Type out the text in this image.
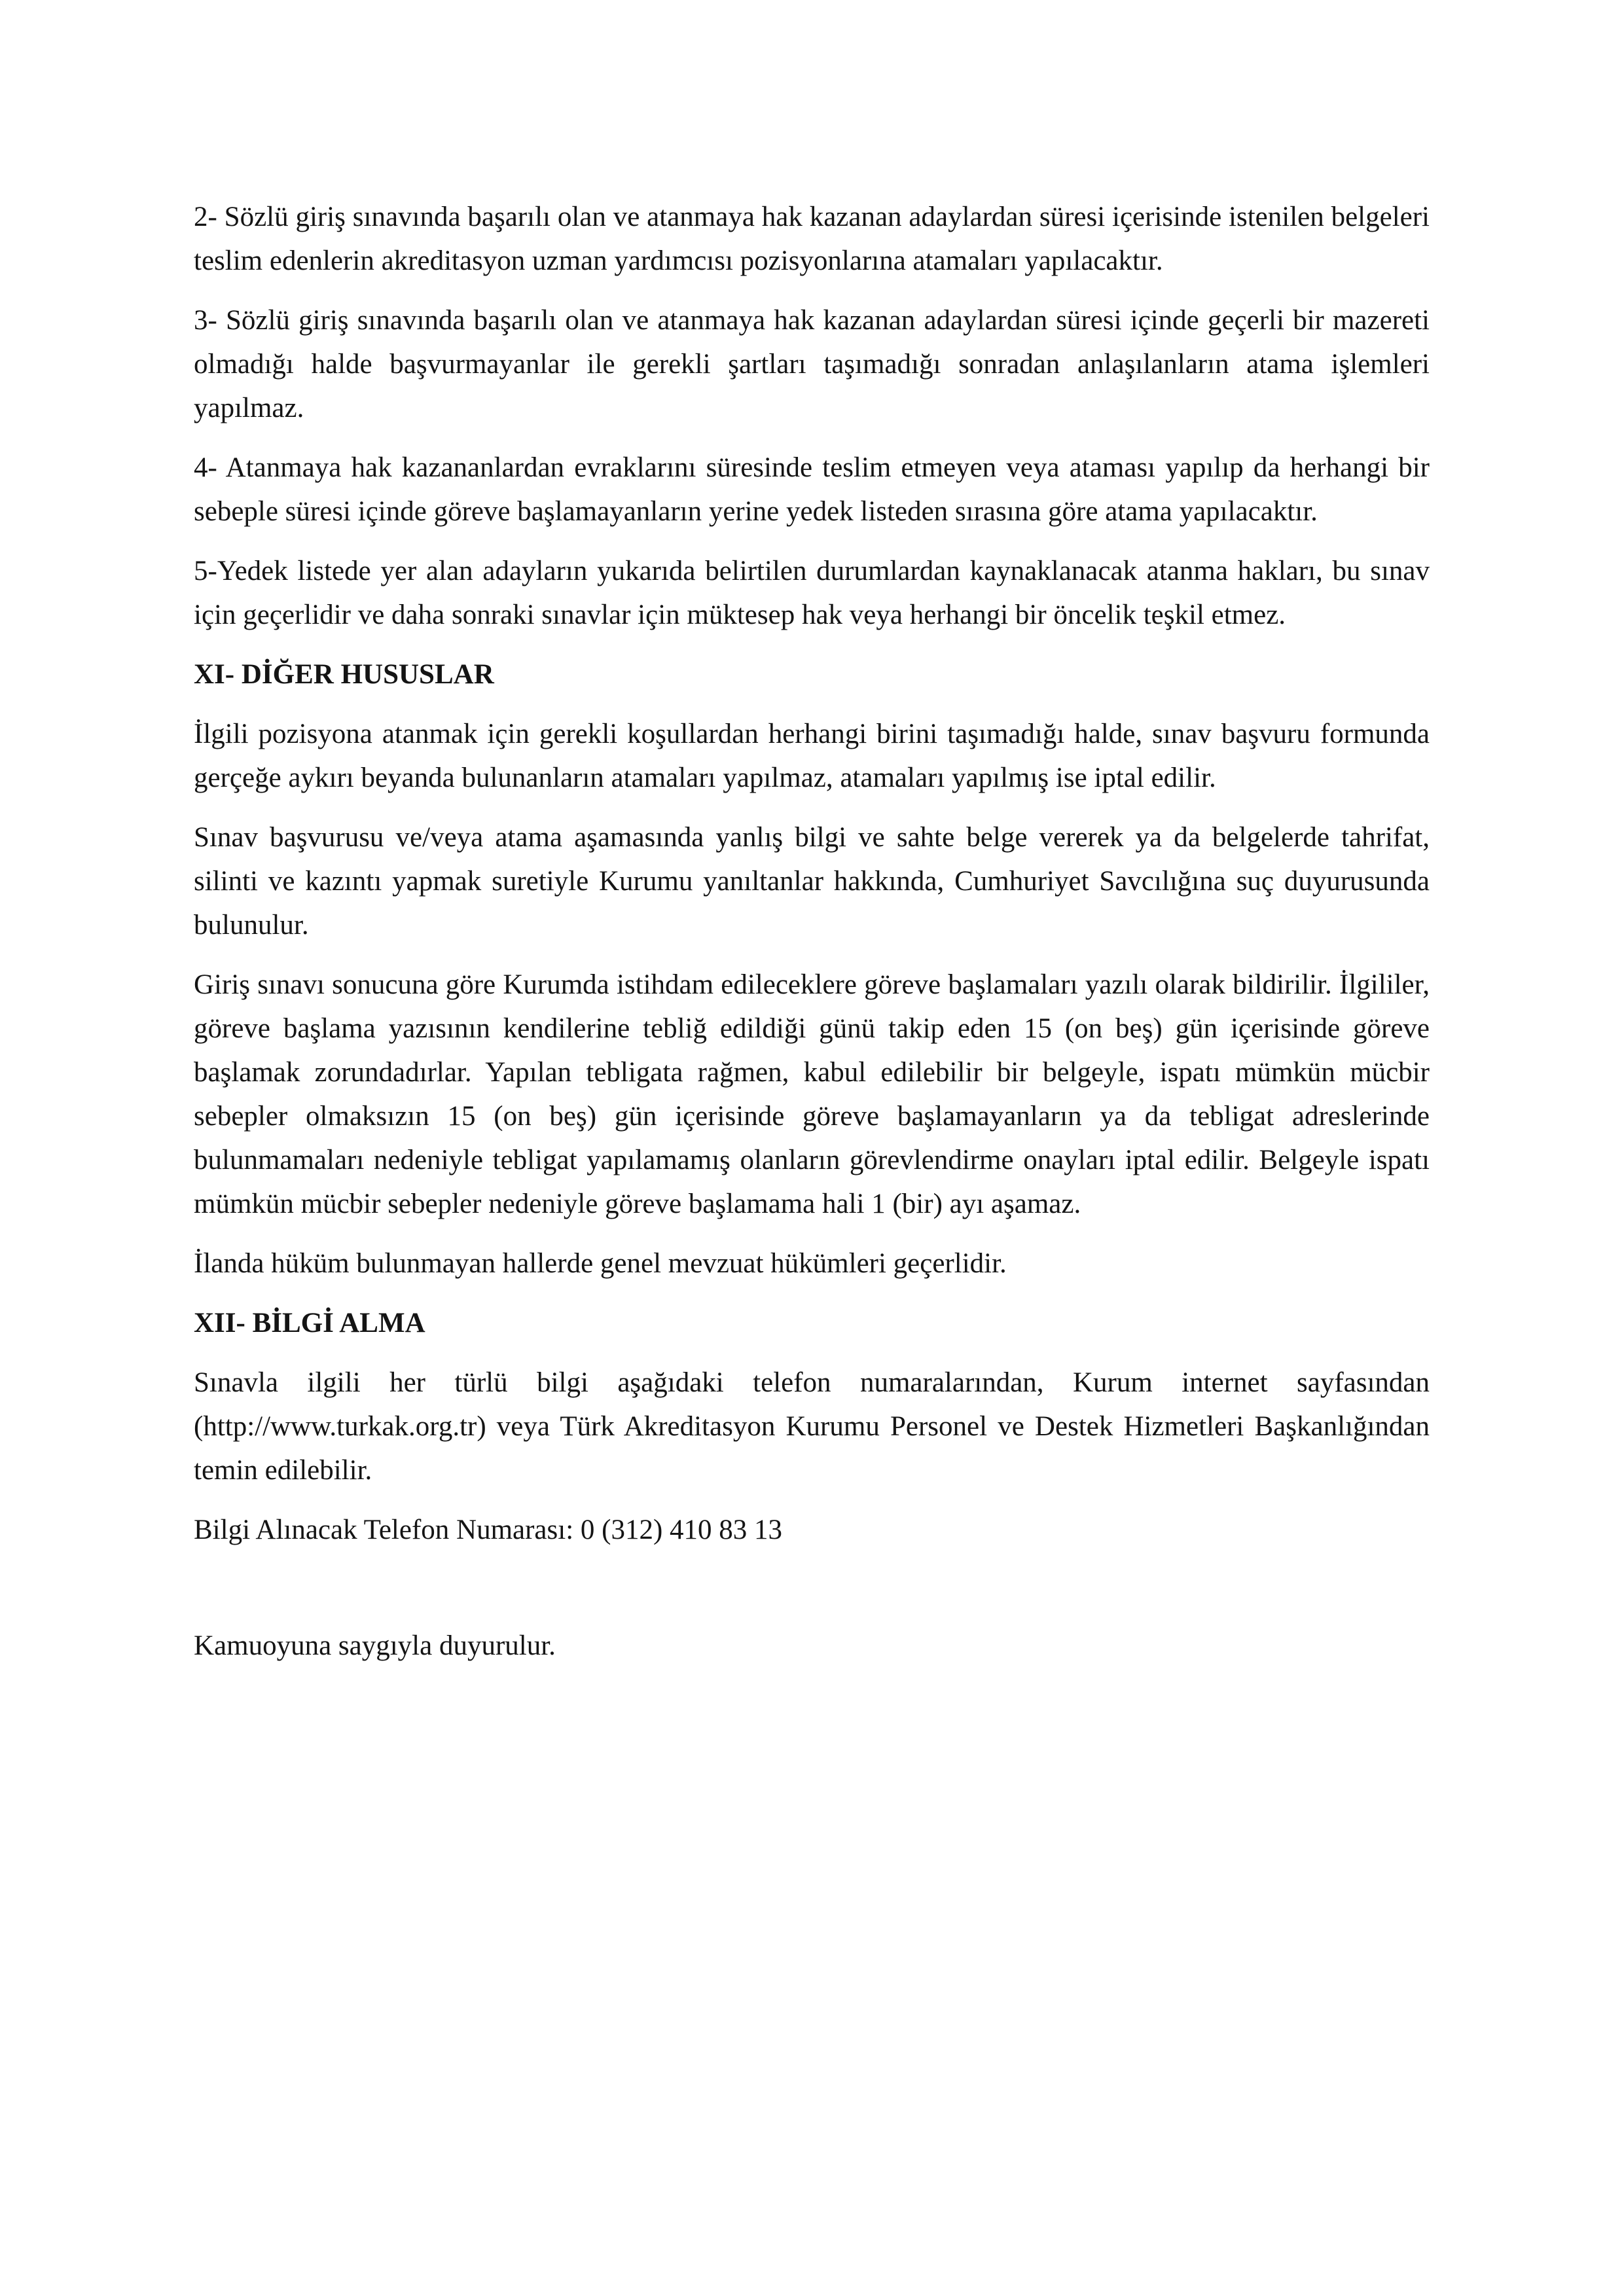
2- Sözlü giriş sınavında başarılı olan ve atanmaya hak kazanan adaylardan süresi içerisinde istenilen belgeleri teslim edenlerin akreditasyon uzman yardımcısı pozisyonlarına atamaları yapılacaktır.

3- Sözlü giriş sınavında başarılı olan ve atanmaya hak kazanan adaylardan süresi içinde geçerli bir mazereti olmadığı halde başvurmayanlar ile gerekli şartları taşımadığı sonradan anlaşılanların atama işlemleri yapılmaz.

4- Atanmaya hak kazananlardan evraklarını süresinde teslim etmeyen veya ataması yapılıp da herhangi bir sebeple süresi içinde göreve başlamayanların yerine yedek listeden sırasına göre atama yapılacaktır.

5-Yedek listede yer alan adayların yukarıda belirtilen durumlardan kaynaklanacak atanma hakları, bu sınav için geçerlidir ve daha sonraki sınavlar için müktesep hak veya herhangi bir öncelik teşkil etmez.

XI- DİĞER HUSUSLAR

İlgili pozisyona atanmak için gerekli koşullardan herhangi birini taşımadığı halde, sınav başvuru formunda gerçeğe aykırı beyanda bulunanların atamaları yapılmaz, atamaları yapılmış ise iptal edilir.

Sınav başvurusu ve/veya atama aşamasında yanlış bilgi ve sahte belge vererek ya da belgelerde tahrifat, silinti ve kazıntı yapmak suretiyle Kurumu yanıltanlar hakkında, Cumhuriyet Savcılığına suç duyurusunda bulunulur.

Giriş sınavı sonucuna göre Kurumda istihdam edileceklere göreve başlamaları yazılı olarak bildirilir. İlgililer, göreve başlama yazısının kendilerine tebliğ edildiği günü takip eden 15 (on beş) gün içerisinde göreve başlamak zorundadırlar. Yapılan tebligata rağmen, kabul edilebilir bir belgeyle, ispatı mümkün mücbir sebepler olmaksızın 15 (on beş) gün içerisinde göreve başlamayanların ya da tebligat adreslerinde bulunmamaları nedeniyle tebligat yapılamamış olanların görevlendirme onayları iptal edilir. Belgeyle ispatı mümkün mücbir sebepler nedeniyle göreve başlamama hali 1 (bir) ayı aşamaz.

İlanda hüküm bulunmayan hallerde genel mevzuat hükümleri geçerlidir.

XII- BİLGİ ALMA

Sınavla ilgili her türlü bilgi aşağıdaki telefon numaralarından, Kurum internet sayfasından (http://www.turkak.org.tr) veya Türk Akreditasyon Kurumu Personel ve Destek Hizmetleri Başkanlığından temin edilebilir.

Bilgi Alınacak Telefon Numarası: 0 (312) 410 83 13

Kamuoyuna saygıyla duyurulur.
